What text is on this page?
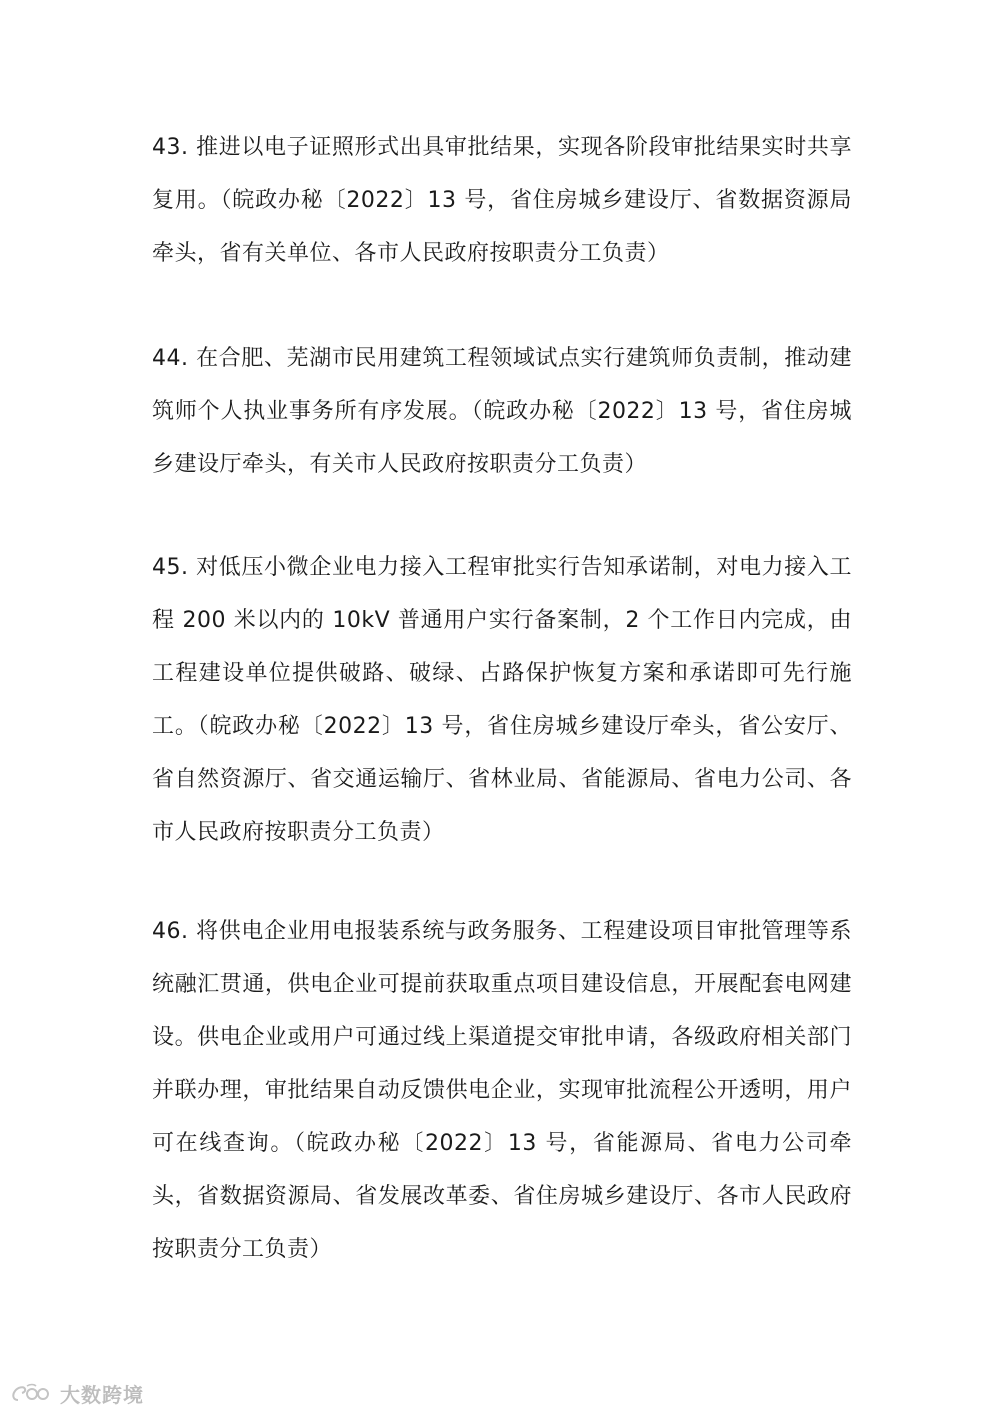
43. 推进以电子证照形式出具审批结果，实现各阶段审批结果实时共享复用。（皖政办秘〔2022〕13 号，省住房城乡建设厅、省数据资源局牵头，省有关单位、各市人民政府按职责分工负责）

44. 在合肥、芜湖市民用建筑工程领域试点实行建筑师负责制，推动建筑师个人执业事务所有序发展。（皖政办秘〔2022〕13 号，省住房城乡建设厅牵头，有关市人民政府按职责分工负责）

45. 对低压小微企业电力接入工程审批实行告知承诺制，对电力接入工程 200 米以内的 10kV 普通用户实行备案制，2 个工作日内完成，由工程建设单位提供破路、破绿、占路保护恢复方案和承诺即可先行施工。（皖政办秘〔2022〕13 号，省住房城乡建设厅牵头，省公安厅、省自然资源厅、省交通运输厅、省林业局、省能源局、省电力公司、各市人民政府按职责分工负责）

46. 将供电企业用电报装系统与政务服务、工程建设项目审批管理等系统融汇贯通，供电企业可提前获取重点项目建设信息，开展配套电网建设。供电企业或用户可通过线上渠道提交审批申请，各级政府相关部门并联办理，审批结果自动反馈供电企业，实现审批流程公开透明，用户可在线查询。（皖政办秘〔2022〕13 号，省能源局、省电力公司牵头，省数据资源局、省发展改革委、省住房城乡建设厅、各市人民政府按职责分工负责）

大数跨境
